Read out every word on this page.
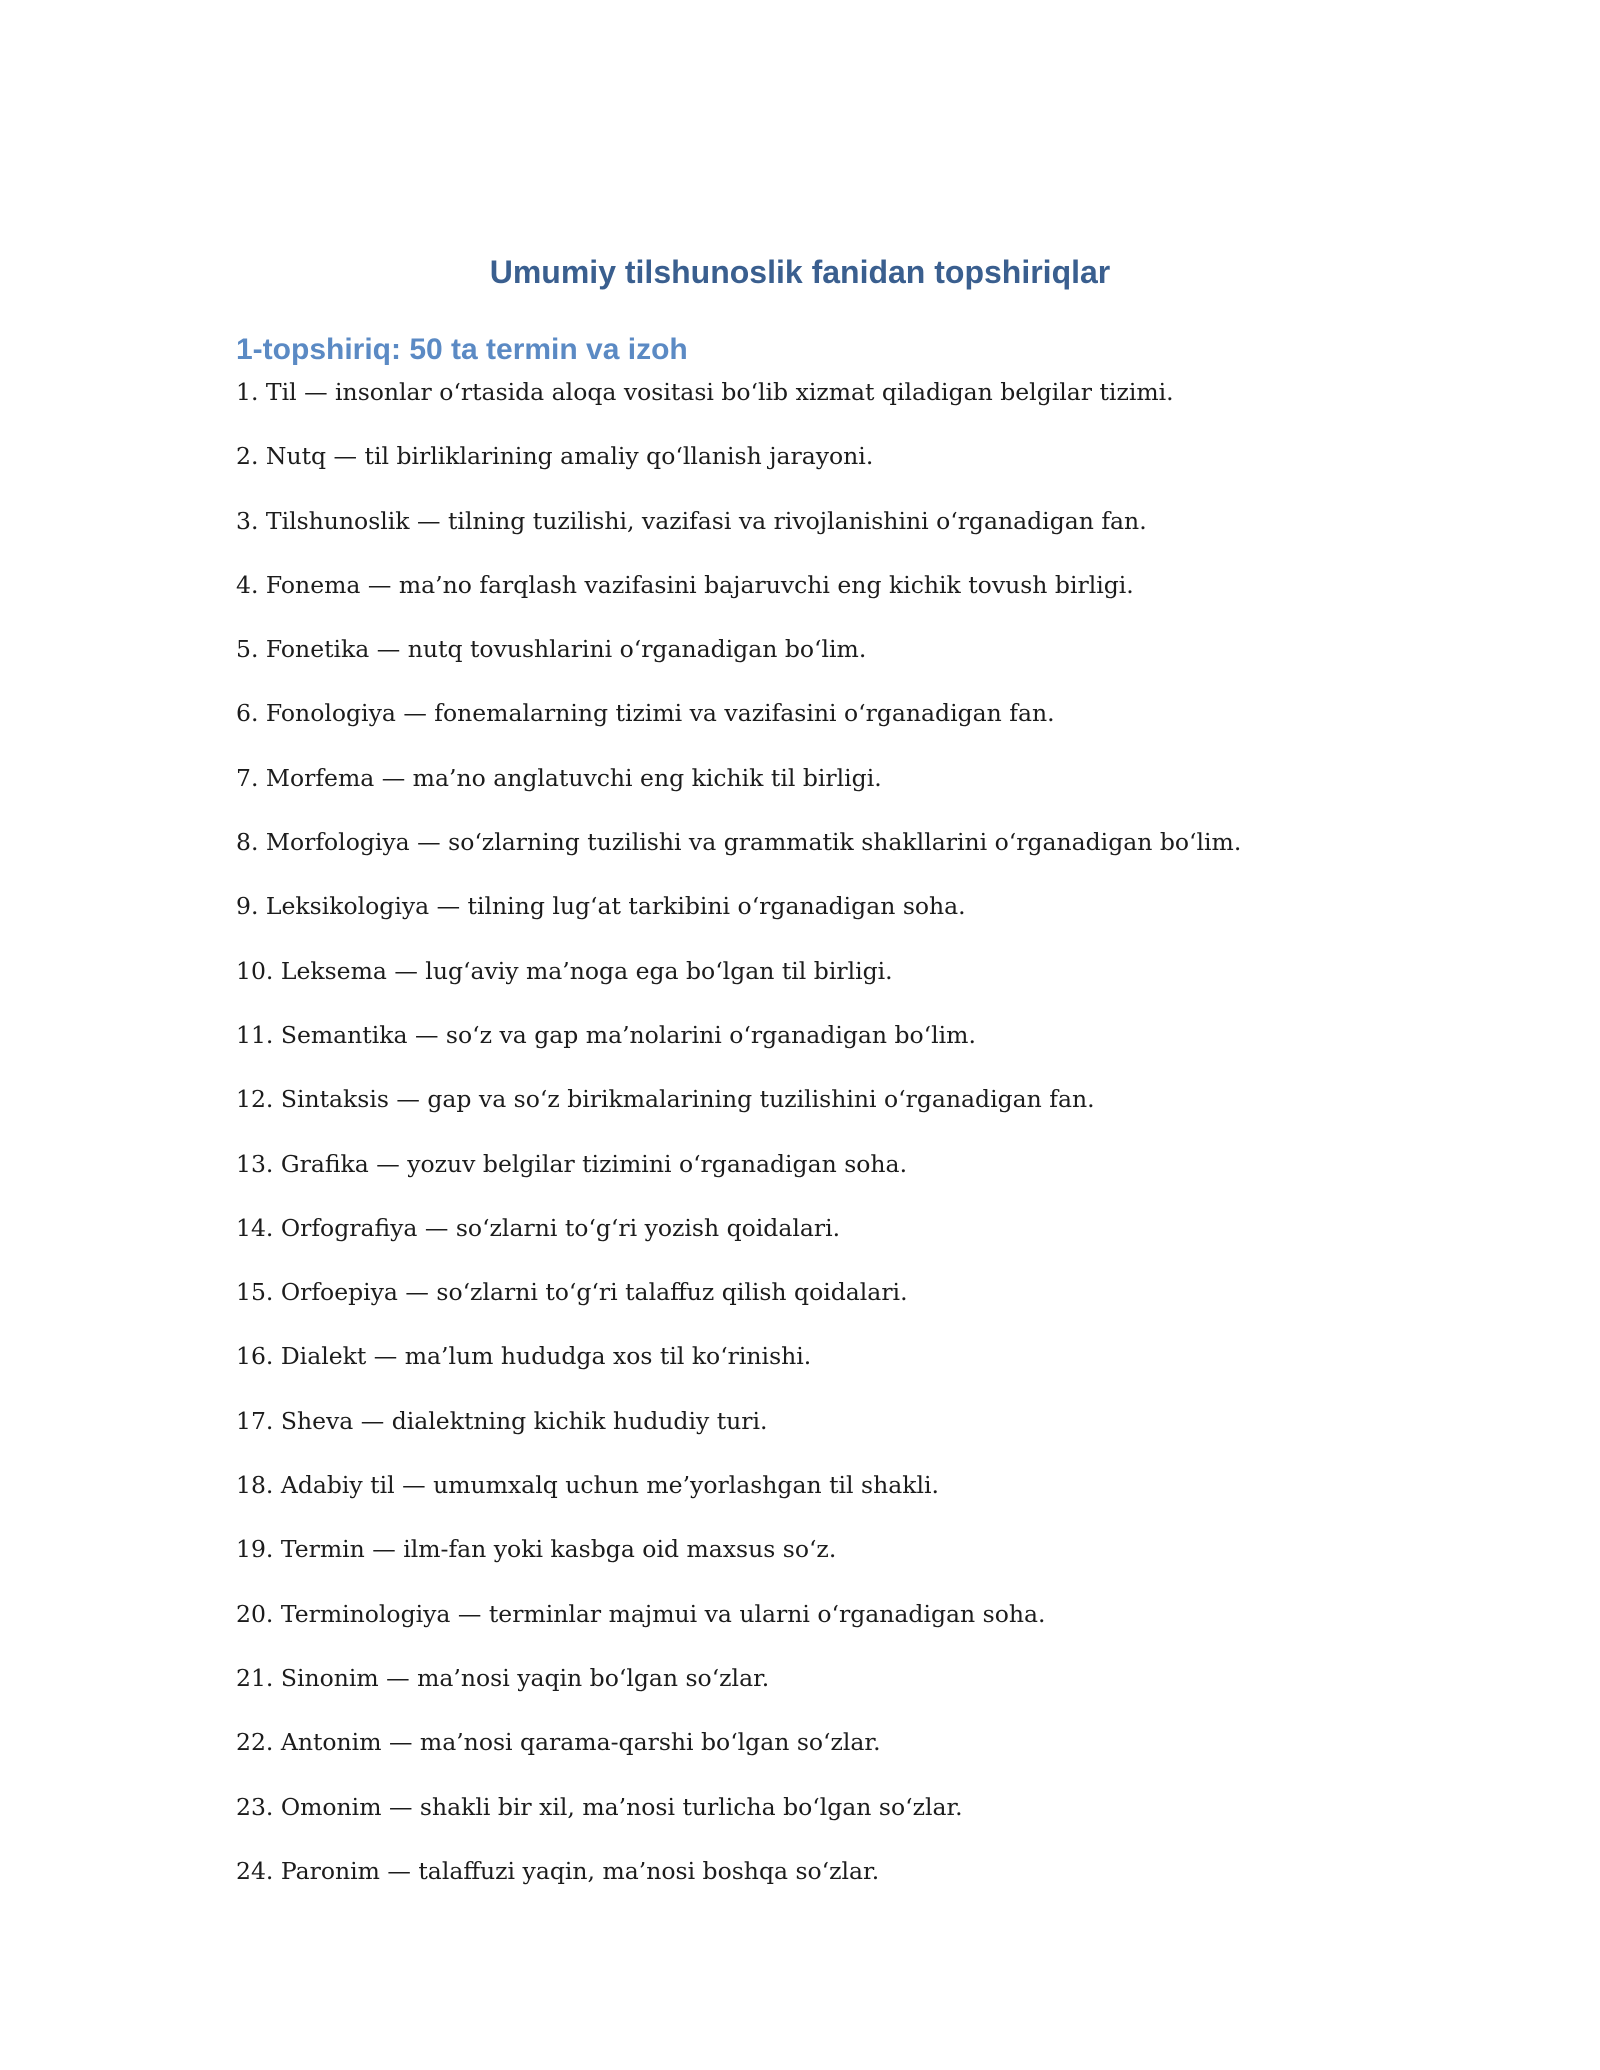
Umumiy tilshunoslik fanidan topshiriqlar
1-topshiriq: 50 ta termin va izoh
1. Til — insonlar o‘rtasida aloqa vositasi bo‘lib xizmat qiladigan belgilar tizimi.
2. Nutq — til birliklarining amaliy qo‘llanish jarayoni.
3. Tilshunoslik — tilning tuzilishi, vazifasi va rivojlanishini o‘rganadigan fan.
4. Fonema — ma’no farqlash vazifasini bajaruvchi eng kichik tovush birligi.
5. Fonetika — nutq tovushlarini o‘rganadigan bo‘lim.
6. Fonologiya — fonemalarning tizimi va vazifasini o‘rganadigan fan.
7. Morfema — ma’no anglatuvchi eng kichik til birligi.
8. Morfologiya — so‘zlarning tuzilishi va grammatik shakllarini o‘rganadigan bo‘lim.
9. Leksikologiya — tilning lug‘at tarkibini o‘rganadigan soha.
10. Leksema — lug‘aviy ma’noga ega bo‘lgan til birligi.
11. Semantika — so‘z va gap ma’nolarini o‘rganadigan bo‘lim.
12. Sintaksis — gap va so‘z birikmalarining tuzilishini o‘rganadigan fan.
13. Grafika — yozuv belgilar tizimini o‘rganadigan soha.
14. Orfografiya — so‘zlarni to‘g‘ri yozish qoidalari.
15. Orfoepiya — so‘zlarni to‘g‘ri talaffuz qilish qoidalari.
16. Dialekt — ma’lum hududga xos til ko‘rinishi.
17. Sheva — dialektning kichik hududiy turi.
18. Adabiy til — umumxalq uchun me’yorlashgan til shakli.
19. Termin — ilm-fan yoki kasbga oid maxsus so‘z.
20. Terminologiya — terminlar majmui va ularni o‘rganadigan soha.
21. Sinonim — ma’nosi yaqin bo‘lgan so‘zlar.
22. Antonim — ma’nosi qarama-qarshi bo‘lgan so‘zlar.
23. Omonim — shakli bir xil, ma’nosi turlicha bo‘lgan so‘zlar.
24. Paronim — talaffuzi yaqin, ma’nosi boshqa so‘zlar.
